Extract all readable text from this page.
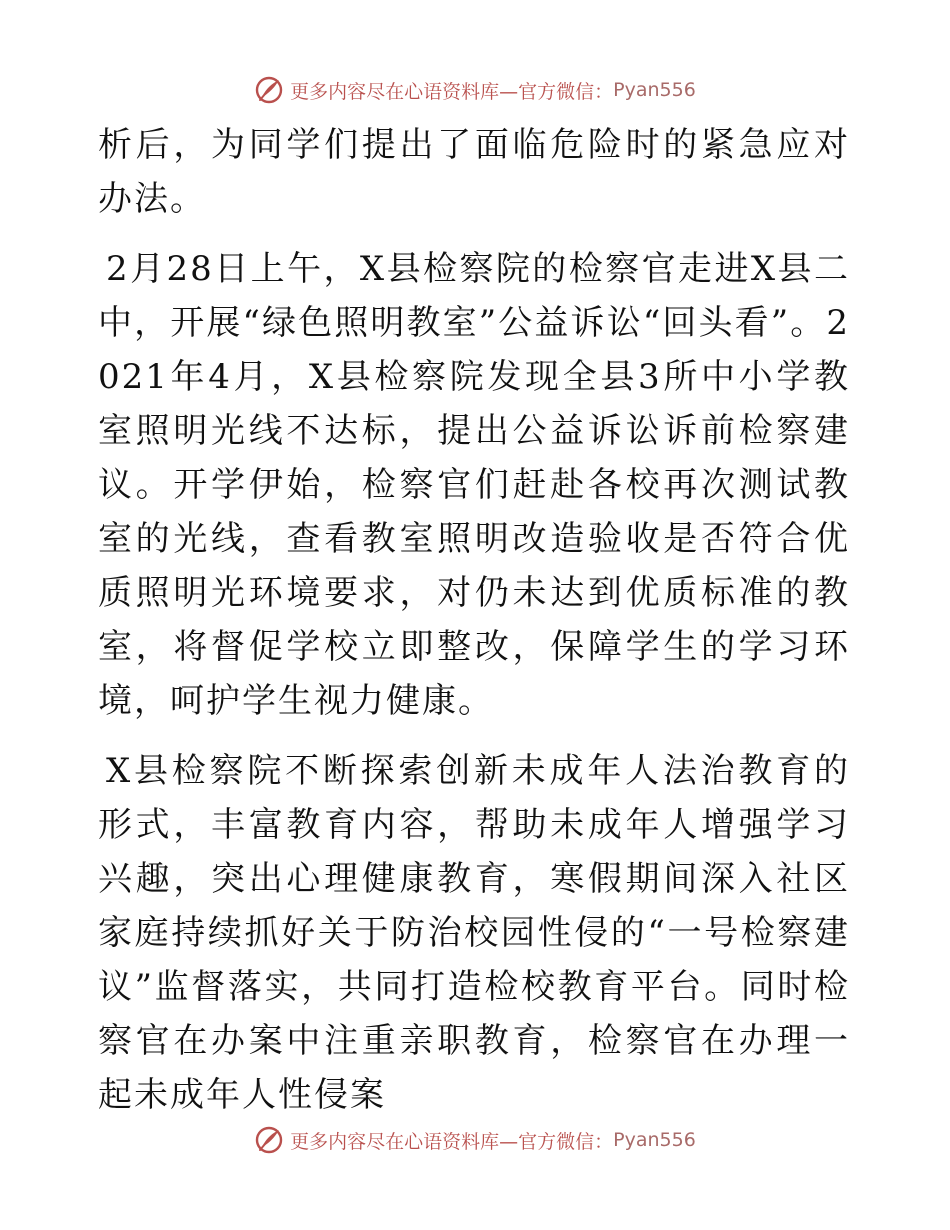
更多内容尽在心语资料库—官方微信： Pyan556

析后，为同学们提出了面临危险时的紧急应对办法。

2月28日上午，X县检察院的检察官走进X县二中，开展“绿色照明教室”公益诉讼“回头看”。2021年4月，X县检察院发现全县3所中小学教室照明光线不达标，提出公益诉讼诉前检察建议。开学伊始，检察官们赶赴各校再次测试教室的光线，查看教室照明改造验收是否符合优质照明光环境要求，对仍未达到优质标准的教室，将督促学校立即整改，保障学生的学习环境，呵护学生视力健康。

X县检察院不断探索创新未成年人法治教育的形式，丰富教育内容，帮助未成年人增强学习兴趣，突出心理健康教育，寒假期间深入社区家庭持续抓好关于防治校园性侵的“一号检察建议”监督落实，共同打造检校教育平台。同时检察官在办案中注重亲职教育，检察官在办理一起未成年人性侵案

更多内容尽在心语资料库—官方微信： Pyan556
